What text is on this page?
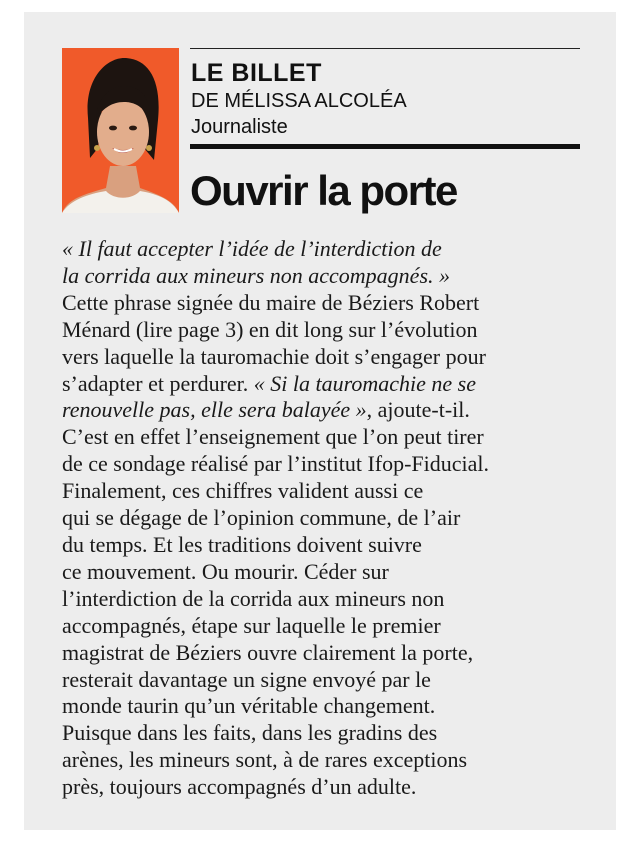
LE BILLET
DE MÉLISSA ALCOLÉA
Journaliste
Ouvrir la porte
« Il faut accepter l’idée de l’interdiction de
la corrida aux mineurs non accompagnés. »
Cette phrase signée du maire de Béziers Robert
Ménard (lire page 3) en dit long sur l’évolution
vers laquelle la tauromachie doit s’engager pour
s’adapter et perdurer. « Si la tauromachie ne se
renouvelle pas, elle sera balayée », ajoute-t-il.
C’est en effet l’enseignement que l’on peut tirer
de ce sondage réalisé par l’institut Ifop-Fiducial.
Finalement, ces chiffres valident aussi ce
qui se dégage de l’opinion commune, de l’air
du temps. Et les traditions doivent suivre
ce mouvement. Ou mourir. Céder sur
l’interdiction de la corrida aux mineurs non
accompagnés, étape sur laquelle le premier
magistrat de Béziers ouvre clairement la porte,
resterait davantage un signe envoyé par le
monde taurin qu’un véritable changement.
Puisque dans les faits, dans les gradins des
arènes, les mineurs sont, à de rares exceptions
près, toujours accompagnés d’un adulte.
